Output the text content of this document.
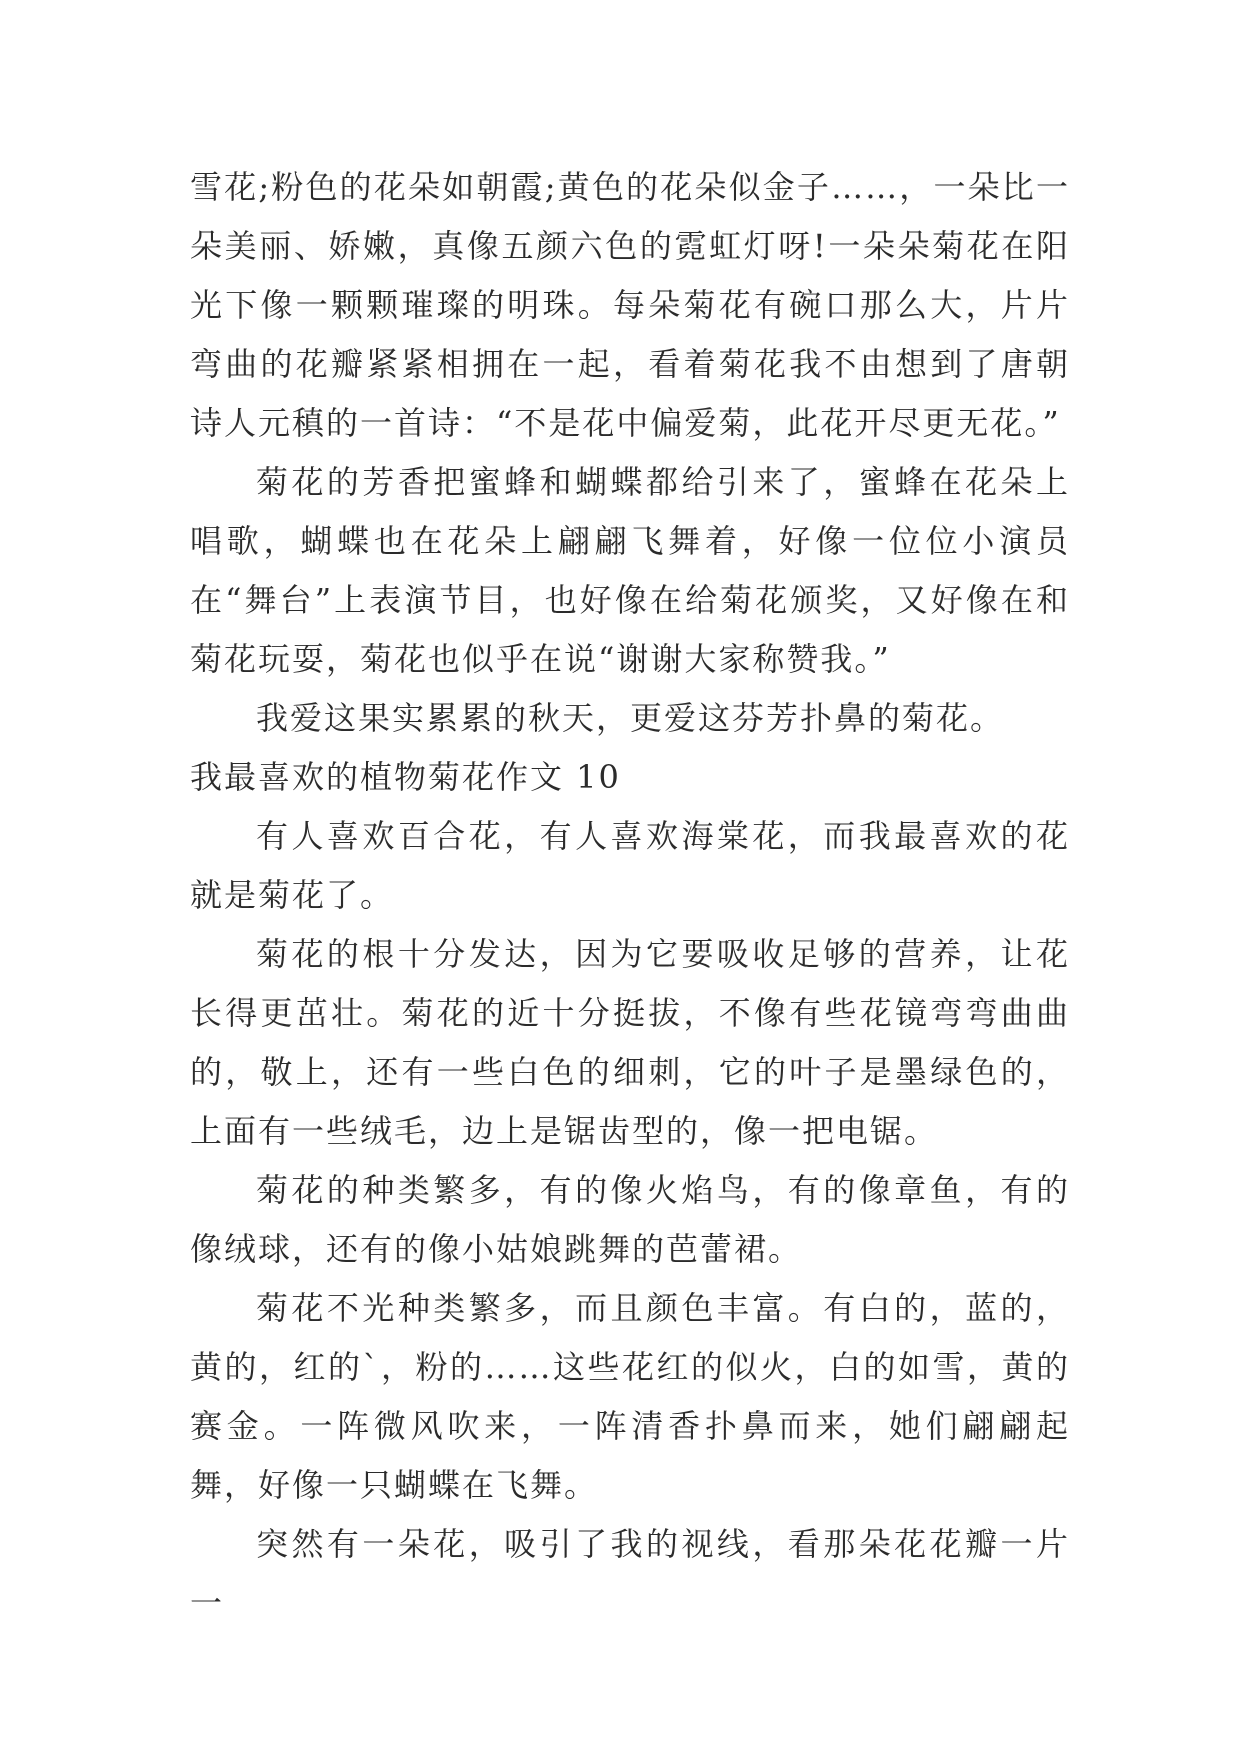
雪花;粉色的花朵如朝霞;黄色的花朵似金子……，一朵比一朵美丽、娇嫩，真像五颜六色的霓虹灯呀!一朵朵菊花在阳光下像一颗颗璀璨的明珠。每朵菊花有碗口那么大，片片弯曲的花瓣紧紧相拥在一起，看着菊花我不由想到了唐朝诗人元稹的一首诗：“不是花中偏爱菊，此花开尽更无花。”

菊花的芳香把蜜蜂和蝴蝶都给引来了，蜜蜂在花朵上唱歌，蝴蝶也在花朵上翩翩飞舞着，好像一位位小演员在“舞台”上表演节目，也好像在给菊花颁奖，又好像在和菊花玩耍，菊花也似乎在说“谢谢大家称赞我。”

我爱这果实累累的秋天，更爱这芬芳扑鼻的菊花。

我最喜欢的植物菊花作文 10

有人喜欢百合花，有人喜欢海棠花，而我最喜欢的花就是菊花了。

菊花的根十分发达，因为它要吸收足够的营养，让花长得更茁壮。菊花的近十分挺拔，不像有些花镜弯弯曲曲的，敬上，还有一些白色的细刺，它的叶子是墨绿色的，上面有一些绒毛，边上是锯齿型的，像一把电锯。

菊花的种类繁多，有的像火焰鸟，有的像章鱼，有的像绒球，还有的像小姑娘跳舞的芭蕾裙。

菊花不光种类繁多，而且颜色丰富。有白的，蓝的，黄的，红的`，粉的……这些花红的似火，白的如雪，黄的赛金。一阵微风吹来，一阵清香扑鼻而来，她们翩翩起舞，好像一只蝴蝶在飞舞。

突然有一朵花，吸引了我的视线，看那朵花花瓣一片一
